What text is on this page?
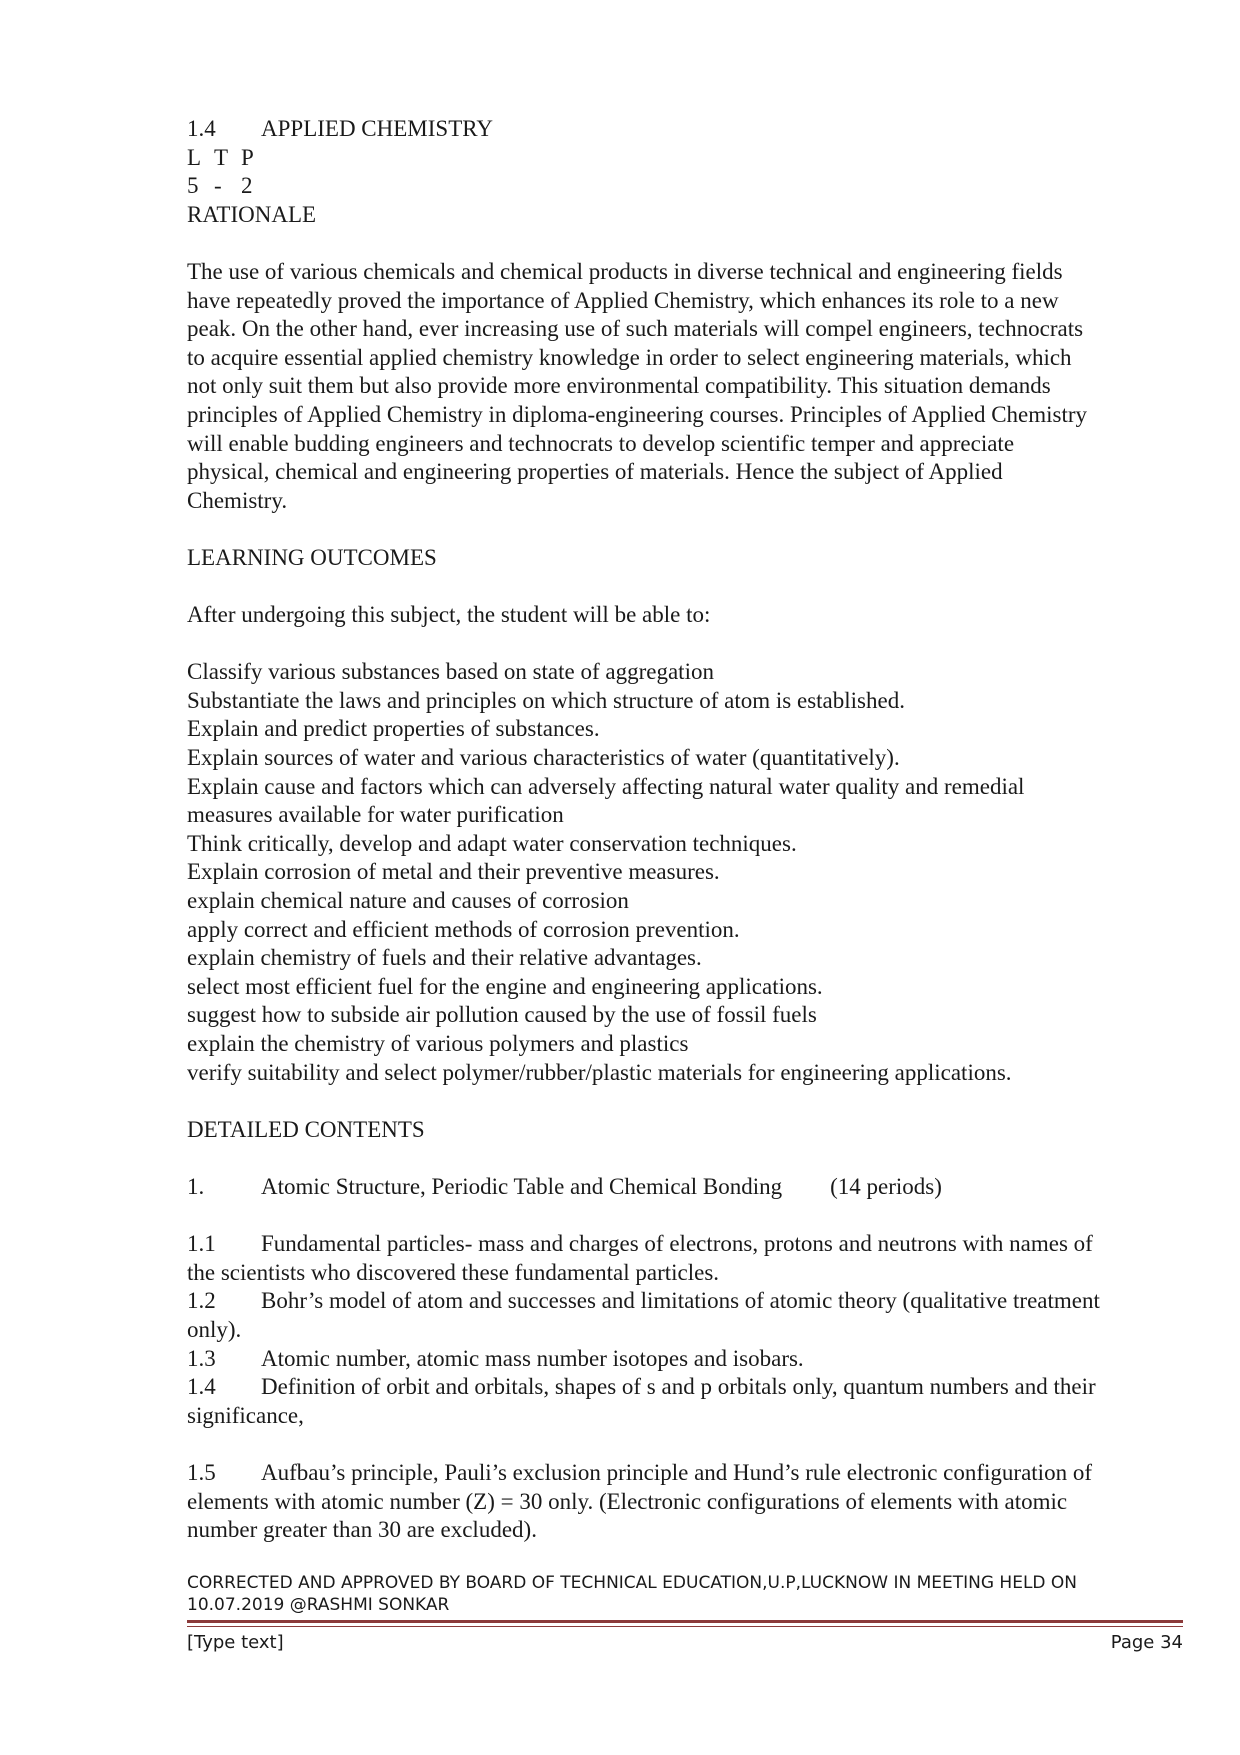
1.4 APPLIED CHEMISTRY
L T P
5 - 2
RATIONALE
The use of various chemicals and chemical products in diverse technical and engineering fields
have repeatedly proved the importance of Applied Chemistry, which enhances its role to a new
peak. On the other hand, ever increasing use of such materials will compel engineers, technocrats
to acquire essential applied chemistry knowledge in order to select engineering materials, which
not only suit them but also provide more environmental compatibility. This situation demands
principles of Applied Chemistry in diploma-engineering courses. Principles of Applied Chemistry
will enable budding engineers and technocrats to develop scientific temper and appreciate
physical, chemical and engineering properties of materials. Hence the subject of Applied
Chemistry.
LEARNING OUTCOMES
After undergoing this subject, the student will be able to:
Classify various substances based on state of aggregation
Substantiate the laws and principles on which structure of atom is established.
Explain and predict properties of substances.
Explain sources of water and various characteristics of water (quantitatively).
Explain cause and factors which can adversely affecting natural water quality and remedial
measures available for water purification
Think critically, develop and adapt water conservation techniques.
Explain corrosion of metal and their preventive measures.
explain chemical nature and causes of corrosion
apply correct and efficient methods of corrosion prevention.
explain chemistry of fuels and their relative advantages.
select most efficient fuel for the engine and engineering applications.
suggest how to subside air pollution caused by the use of fossil fuels
explain the chemistry of various polymers and plastics
verify suitability and select polymer/rubber/plastic materials for engineering applications.
DETAILED CONTENTS
1. Atomic Structure, Periodic Table and Chemical Bonding (14 periods)
1.1 Fundamental particles- mass and charges of electrons, protons and neutrons with names of
the scientists who discovered these fundamental particles.
1.2 Bohr’s model of atom and successes and limitations of atomic theory (qualitative treatment
only).
1.3 Atomic number, atomic mass number isotopes and isobars.
1.4 Definition of orbit and orbitals, shapes of s and p orbitals only, quantum numbers and their
significance,
1.5 Aufbau’s principle, Pauli’s exclusion principle and Hund’s rule electronic configuration of
elements with atomic number (Z) = 30 only. (Electronic configurations of elements with atomic
number greater than 30 are excluded).
CORRECTED AND APPROVED BY BOARD OF TECHNICAL EDUCATION,U.P,LUCKNOW IN MEETING HELD ON
10.07.2019 @RASHMI SONKAR
[Type text]	Page 34
